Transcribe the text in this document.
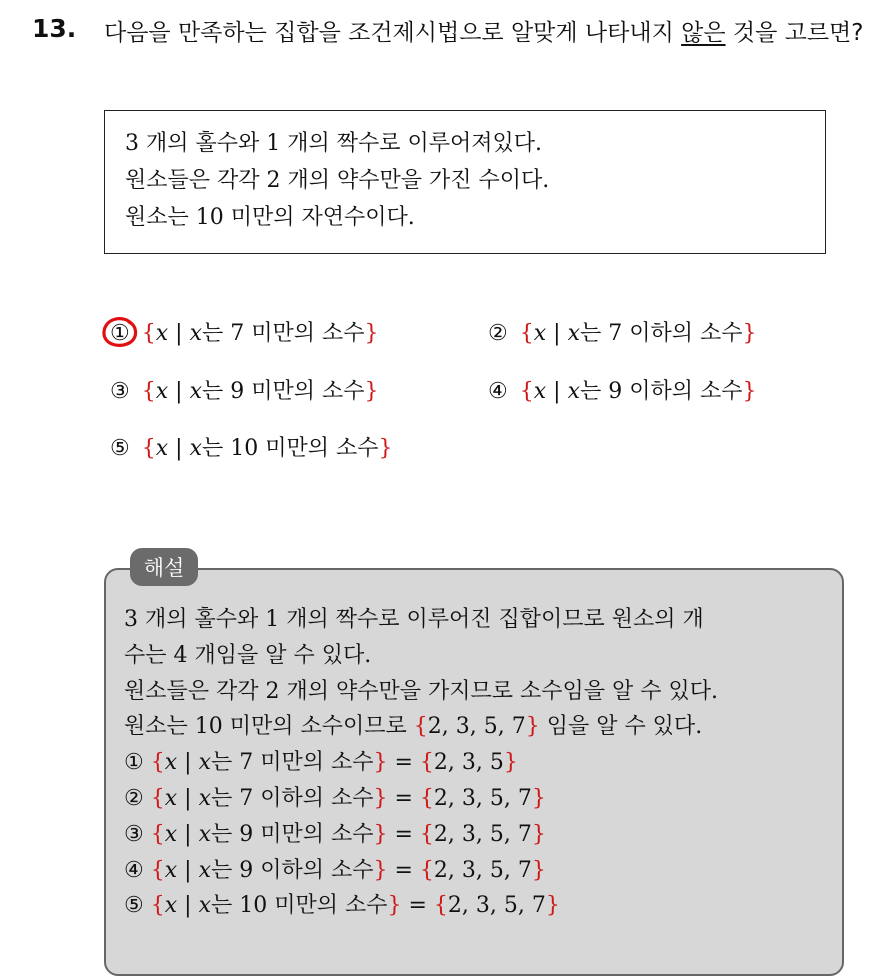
13. 다음을 만족하는 집합을 조건제시법으로 알맞게 나타내지 않은 것을 고르면?
3 개의 홀수와 1 개의 짝수로 이루어져있다.
원소들은 각각 2 개의 약수만을 가진 수이다.
원소는 10 미만의 자연수이다.
① {x | x는 7 미만의 소수}	② {x | x는 7 이하의 소수}
③ {x | x는 9 미만의 소수}	④ {x | x는 9 이하의 소수}
⑤ {x | x는 10 미만의 소수}
해설
3 개의 홀수와 1 개의 짝수로 이루어진 집합이므로 원소의 개
수는 4 개임을 알 수 있다.
원소들은 각각 2 개의 약수만을 가지므로 소수임을 알 수 있다.
원소는 10 미만의 소수이므로 {2, 3, 5, 7} 임을 알 수 있다.
① {x | x는 7 미만의 소수} = {2, 3, 5}
② {x | x는 7 이하의 소수} = {2, 3, 5, 7}
③ {x | x는 9 미만의 소수} = {2, 3, 5, 7}
④ {x | x는 9 이하의 소수} = {2, 3, 5, 7}
⑤ {x | x는 10 미만의 소수} = {2, 3, 5, 7}
